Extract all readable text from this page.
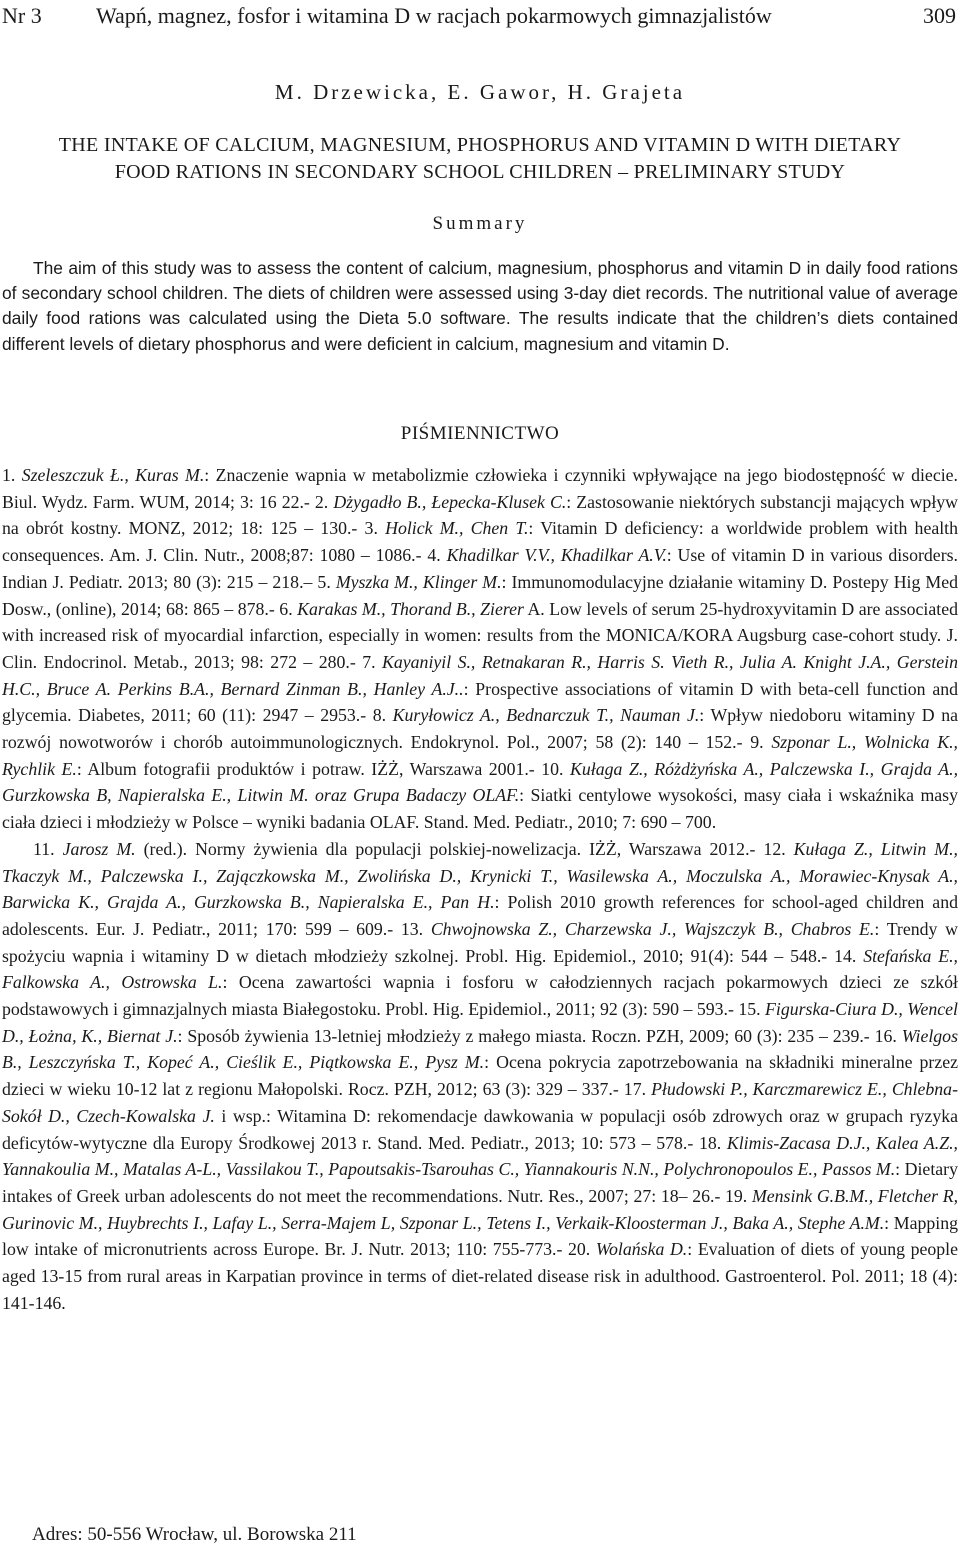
Nr 3 Wapń, magnez, fosfor i witamina D w racjach pokarmowych gimnazjalistów	309
M. Drzewicka, E. Gawor, H. Grajeta
THE INTAKE OF CALCIUM, MAGNESIUM, PHOSPHORUS AND VITAMIN D WITH DIETARY
FOOD RATIONS IN SECONDARY SCHOOL CHILDREN – PRELIMINARY STUDY
Summary

The aim of this study was to assess the content of calcium, magnesium, phosphorus and vitamin D in daily food rations of secondary school children. The diets of children were assessed using 3-day diet records. The nutritional value of average daily food rations was calculated using the Dieta 5.0 software. The results indicate that the children’s diets contained different levels of dietary phosphorus and were deficient in calcium, magnesium and vitamin D.

PIŚMIENNICTWO

1. Szeleszczuk Ł., Kuras M.: Znaczenie wapnia w metabolizmie człowieka i czynniki wpływające na jego biodostępność w diecie. Biul. Wydz. Farm. WUM, 2014; 3: 16 22.- 2. Dżygadło B., Łepecka-Klusek C.: Zastosowanie niektórych substancji mających wpływ na obrót kostny. MONZ, 2012; 18: 125 – 130.- 3. Holick M., Chen T.: Vitamin D deficiency: a worldwide problem with health consequences. Am. J. Clin. Nutr., 2008;87: 1080 – 1086.- 4. Khadilkar V.V., Khadilkar A.V.: Use of vitamin D in various disorders. Indian J. Pediatr. 2013; 80 (3): 215 – 218.– 5. Myszka M., Klinger M.: Immunomodulacyjne działanie witaminy D. Postepy Hig Med Dosw., (online), 2014; 68: 865 – 878.- 6. Karakas M., Thorand B., Zierer A. Low levels of serum 25-hydroxyvitamin D are associated with increased risk of myocardial infarction, especially in women: results from the MONICA/KORA Augsburg case-cohort study. J. Clin. Endocrinol. Metab., 2013; 98: 272 – 280.- 7. Kayaniyil S., Retnakaran R., Harris S. Vieth R., Julia A. Knight J.A., Gerstein H.C., Bruce A. Perkins B.A., Bernard Zinman B., Hanley A.J..: Prospective associations of vitamin D with beta-cell function and glycemia. Diabetes, 2011; 60 (11): 2947 – 2953.- 8. Kuryłowicz A., Bednarczuk T., Nauman J.: Wpływ niedoboru witaminy D na rozwój nowotworów i chorób autoimmunologicznych. Endokrynol. Pol., 2007; 58 (2): 140 – 152.- 9. Szponar L., Wolnicka K., Rychlik E.: Album fotografii produktów i potraw. IŻŻ, Warszawa 2001.- 10. Kułaga Z., Różdżyńska A., Palczewska I., Grajda A., Gurzkowska B, Napieralska E., Litwin M. oraz Grupa Badaczy OLAF.: Siatki centylowe wysokości, masy ciała i wskaźnika masy ciała dzieci i młodzieży w Polsce – wyniki badania OLAF. Stand. Med. Pediatr., 2010; 7: 690 – 700.

11. Jarosz M. (red.). Normy żywienia dla populacji polskiej-nowelizacja. IŻŻ, Warszawa 2012.- 12. Kułaga Z., Litwin M., Tkaczyk M., Palczewska I., Zajączkowska M., Zwolińska D., Krynicki T., Wasilewska A., Moczulska A., Morawiec-Knysak A., Barwicka K., Grajda A., Gurzkowska B., Napieralska E., Pan H.: Polish 2010 growth references for school-aged children and adolescents. Eur. J. Pediatr., 2011; 170: 599 – 609.- 13. Chwojnowska Z., Charzewska J., Wajszczyk B., Chabros E.: Trendy w spożyciu wapnia i witaminy D w dietach młodzieży szkolnej. Probl. Hig. Epidemiol., 2010; 91(4): 544 – 548.- 14. Stefańska E., Falkowska A., Ostrowska L.: Ocena zawartości wapnia i fosforu w całodziennych racjach pokarmowych dzieci ze szkół podstawowych i gimnazjalnych miasta Białegostoku. Probl. Hig. Epidemiol., 2011; 92 (3): 590 – 593.- 15. Figurska-Ciura D., Wencel D., Łożna, K., Biernat J.: Sposób żywienia 13-letniej młodzieży z małego miasta. Roczn. PZH, 2009; 60 (3): 235 – 239.- 16. Wielgos B., Leszczyńska T., Kopeć A., Cieślik E., Piątkowska E., Pysz M.: Ocena pokrycia zapotrzebowania na składniki mineralne przez dzieci w wieku 10-12 lat z regionu Małopolski. Rocz. PZH, 2012; 63 (3): 329 – 337.- 17. Płudowski P., Karczmarewicz E., Chlebna-Sokół D., Czech-Kowalska J. i wsp.: Witamina D: rekomendacje dawkowania w populacji osób zdrowych oraz w grupach ryzyka deficytów-wytyczne dla Europy Środkowej 2013 r. Stand. Med. Pediatr., 2013; 10: 573 – 578.- 18. Klimis-Zacasa D.J., Kalea A.Z., Yannakoulia M., Matalas A-L., Vassilakou T., Papoutsakis-Tsarouhas C., Yiannakouris N.N., Polychronopoulos E., Passos M.: Dietary intakes of Greek urban adolescents do not meet the recommendations. Nutr. Res., 2007; 27: 18– 26.- 19. Mensink G.B.M., Fletcher R, Gurinovic M., Huybrechts I., Lafay L., Serra-Majem L, Szponar L., Tetens I., Verkaik-Kloosterman J., Baka A., Stephe A.M.: Mapping low intake of micronutrients across Europe. Br. J. Nutr. 2013; 110: 755-773.- 20. Wolańska D.: Evaluation of diets of young people aged 13-15 from rural areas in Karpatian province in terms of diet-related disease risk in adulthood. Gastroenterol. Pol. 2011; 18 (4): 141-146.

Adres: 50-556 Wrocław, ul. Borowska 211
